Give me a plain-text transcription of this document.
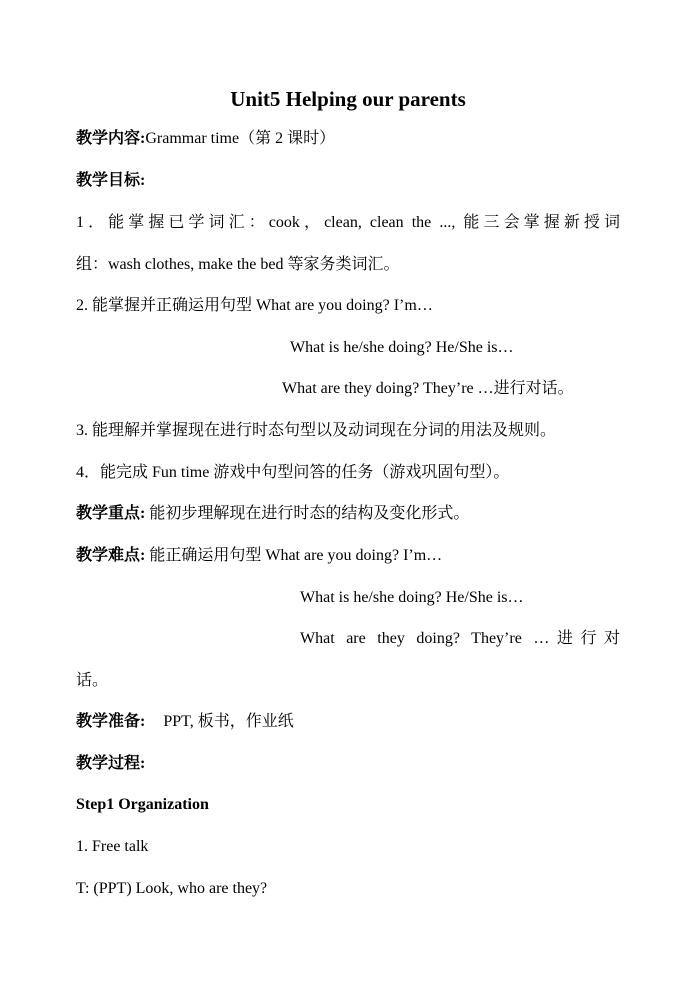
Unit5 Helping our parents
教学内容:Grammar time（第 2 课时）
教学目标:
1．能掌握已学词汇：cook，clean, clean the ..., 能三会掌握新授词
组：wash clothes, make the bed 等家务类词汇。
2. 能掌握并正确运用句型 What are you doing? I’m…
What is he/she doing? He/She is…
What are they doing? They’re …进行对话。
3. 能理解并掌握现在进行时态句型以及动词现在分词的用法及规则。
4．能完成 Fun time 游戏中句型问答的任务（游戏巩固句型）。
教学重点: 能初步理解现在进行时态的结构及变化形式。
教学难点: 能正确运用句型 What are you doing? I’m…
What is he/she doing? He/She is…
What are they doing? They’re …进行对
话。
教学准备: PPT, 板书，作业纸
教学过程:
Step1 Organization
1. Free talk
T: (PPT) Look, who are they?
